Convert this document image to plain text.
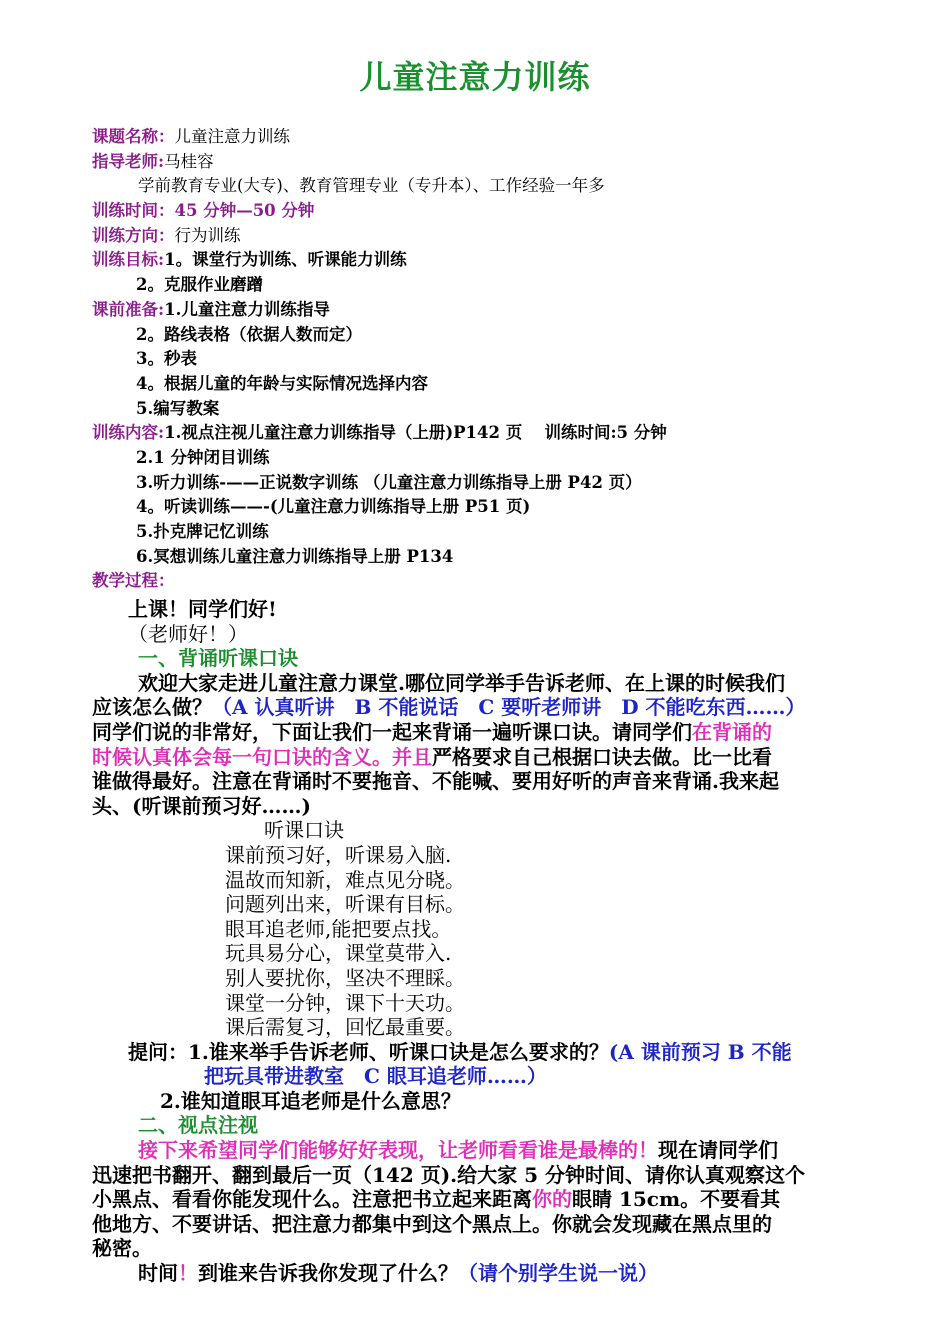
儿童注意力训练
课题名称：儿童注意力训练
指导老师:马桂容
学前教育专业(大专)、教育管理专业（专升本）、工作经验一年多
训练时间：45 分钟—50 分钟
训练方向：行为训练
训练目标:1。课堂行为训练、听课能力训练
2。克服作业磨蹭
课前准备:1.儿童注意力训练指导
2。路线表格（依据人数而定）
3。秒表
4。根据儿童的年龄与实际情况选择内容
5.编写教案
训练内容:1.视点注视儿童注意力训练指导（上册)P142 页　 训练时间:5 分钟
2.1 分钟闭目训练
3.听力训练-——正说数字训练 （儿童注意力训练指导上册 P42 页）
4。听读训练——-(儿童注意力训练指导上册 P51 页)
5.扑克牌记忆训练
6.冥想训练儿童注意力训练指导上册 P134
教学过程：
上课！同学们好!
（老师好！）
一、背诵听课口诀
欢迎大家走进儿童注意力课堂.哪位同学举手告诉老师、在上课的时候我们
应该怎么做？（A 认真听讲　B 不能说话　C 要听老师讲　D 不能吃东西……）
同学们说的非常好，下面让我们一起来背诵一遍听课口诀。请同学们在背诵的
时候认真体会每一句口诀的含义。并且严格要求自己根据口诀去做。比一比看
谁做得最好。注意在背诵时不要拖音、不能喊、要用好听的声音来背诵.我来起
头、(听课前预习好……)
听课口诀
课前预习好，听课易入脑.
温故而知新，难点见分晓。
问题列出来，听课有目标。
眼耳追老师,能把要点找。
玩具易分心，课堂莫带入.
别人要扰你，坚决不理睬。
课堂一分钟，课下十天功。
课后需复习，回忆最重要。
提问：1.谁来举手告诉老师、听课口诀是怎么要求的？(A 课前预习 B 不能
把玩具带进教室　C 眼耳追老师……）
2.谁知道眼耳追老师是什么意思？
二、视点注视
接下来希望同学们能够好好表现，让老师看看谁是最棒的！现在请同学们
迅速把书翻开、翻到最后一页（142 页).给大家 5 分钟时间、请你认真观察这个
小黑点、看看你能发现什么。注意把书立起来距离你的眼睛 15cm。不要看其
他地方、不要讲话、把注意力都集中到这个黑点上。你就会发现藏在黑点里的
秘密。
时间！到谁来告诉我你发现了什么？（请个别学生说一说）
